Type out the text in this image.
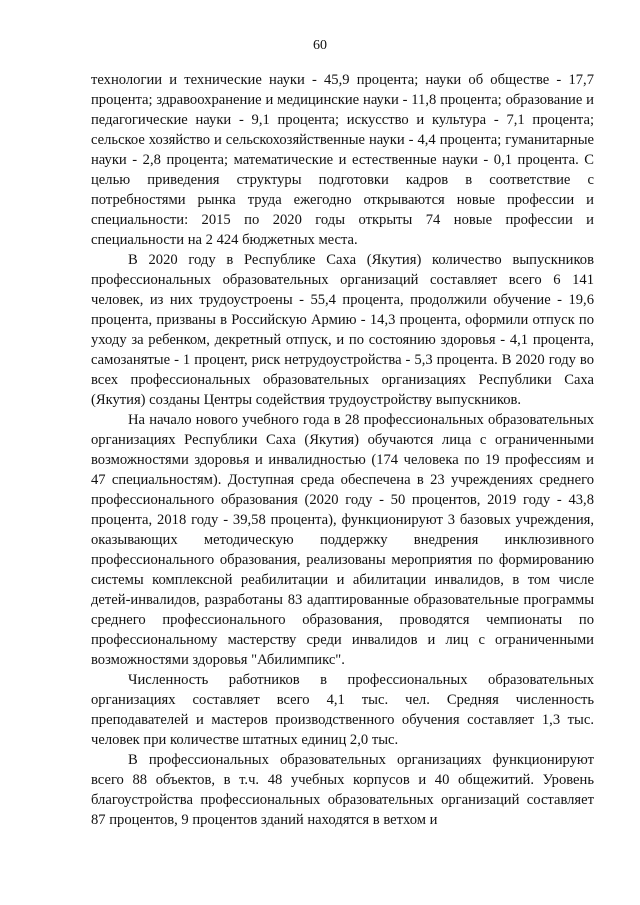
60

технологии и технические науки - 45,9 процента; науки об обществе - 17,7 процента; здравоохранение и медицинские науки - 11,8 процента; образование и педагогические науки - 9,1 процента; искусство и культура - 7,1 процента; сельское хозяйство и сельскохозяйственные науки - 4,4 процента; гуманитарные науки - 2,8 процента; математические и естественные науки - 0,1 процента. С целью приведения структуры подготовки кадров в соответствие с потребностями рынка труда ежегодно открываются новые профессии и специальности: 2015 по 2020 годы открыты 74 новые профессии и специальности на 2 424 бюджетных места.

В 2020 году в Республике Саха (Якутия) количество выпускников профессиональных образовательных организаций составляет всего 6 141 человек, из них трудоустроены - 55,4 процента, продолжили обучение - 19,6 процента, призваны в Российскую Армию - 14,3 процента, оформили отпуск по уходу за ребенком, декретный отпуск, и по состоянию здоровья - 4,1 процента, самозанятые - 1 процент, риск нетрудоустройства - 5,3 процента. В 2020 году во всех профессиональных образовательных организациях Республики Саха (Якутия) созданы Центры содействия трудоустройству выпускников.

На начало нового учебного года в 28 профессиональных образовательных организациях Республики Саха (Якутия) обучаются лица с ограниченными возможностями здоровья и инвалидностью (174 человека по 19 профессиям и 47 специальностям). Доступная среда обеспечена в 23 учреждениях среднего профессионального образования (2020 году - 50 процентов, 2019 году - 43,8 процента, 2018 году - 39,58 процента), функционируют 3 базовых учреждения, оказывающих методическую поддержку внедрения инклюзивного профессионального образования, реализованы мероприятия по формированию системы комплексной реабилитации и абилитации инвалидов, в том числе детей-инвалидов, разработаны 83 адаптированные образовательные программы среднего профессионального образования, проводятся чемпионаты по профессиональному мастерству среди инвалидов и лиц с ограниченными возможностями здоровья "Абилимпикс".

Численность работников в профессиональных образовательных организациях составляет всего 4,1 тыс. чел. Средняя численность преподавателей и мастеров производственного обучения составляет 1,3 тыс. человек при количестве штатных единиц 2,0 тыс.

В профессиональных образовательных организациях функционируют всего 88 объектов, в т.ч. 48 учебных корпусов и 40 общежитий. Уровень благоустройства профессиональных образовательных организаций составляет 87 процентов, 9 процентов зданий находятся в ветхом и
